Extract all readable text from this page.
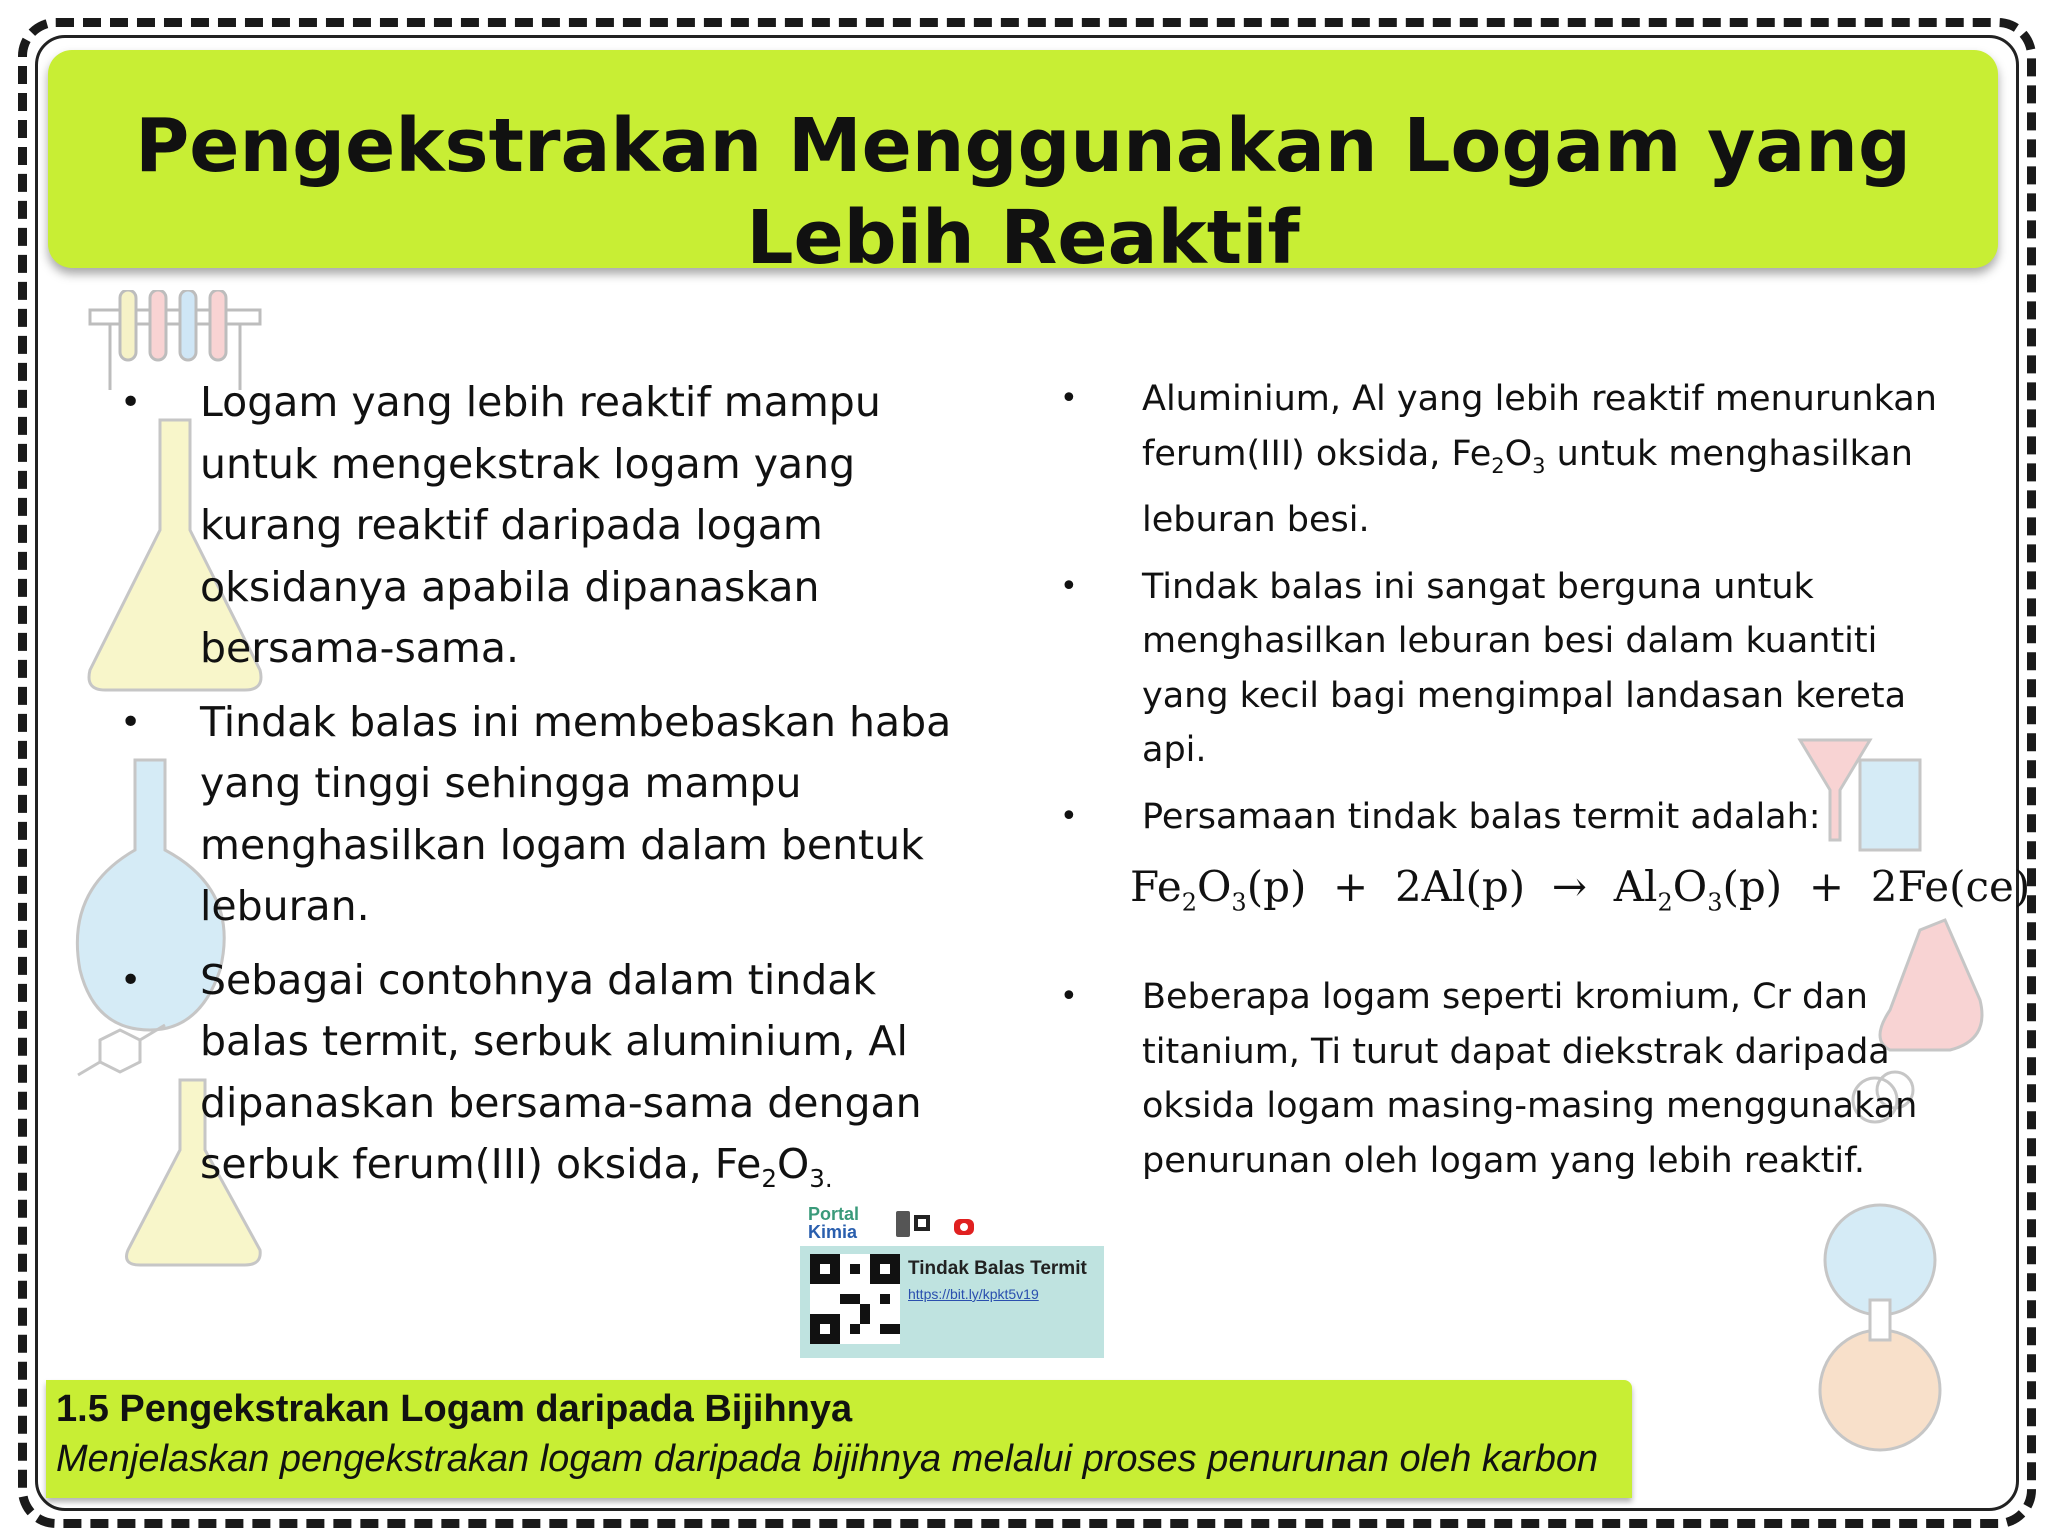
Pengekstrakan Menggunakan Logam yang Lebih Reaktif
• Logam yang lebih reaktif mampu untuk mengekstrak logam yang kurang reaktif daripada logam oksidanya apabila dipanaskan bersama-sama.
• Tindak balas ini membebaskan haba yang tinggi sehingga mampu menghasilkan logam dalam bentuk leburan.
• Sebagai contohnya dalam tindak balas termit, serbuk aluminium, Al dipanaskan bersama-sama dengan serbuk ferum(III) oksida, $Fe_2O_{3.}$
• Aluminium, Al yang lebih reaktif menurunkan ferum(III) oksida, $Fe_2O_3$ untuk menghasilkan leburan besi.
• Tindak balas ini sangat berguna untuk menghasilkan leburan besi dalam kuantiti yang kecil bagi mengimpal landasan kereta api.
• Persamaan tindak balas termit adalah:
$Fe_2O_3(p) + 2Al(p) \to Al_2O_3(p) + 2Fe(ce)$
• Beberapa logam seperti kromium, Cr dan titanium, Ti turut dapat diekstrak daripada oksida logam masing-masing menggunakan penurunan oleh logam yang lebih reaktif.
Portal
Kimia
Tindak Balas Termit
https://bit.ly/kpkt5v19
1.5 Pengekstrakan Logam daripada Bijihnya
Menjelaskan pengekstrakan logam daripada bijihnya melalui proses penurunan oleh karbon
